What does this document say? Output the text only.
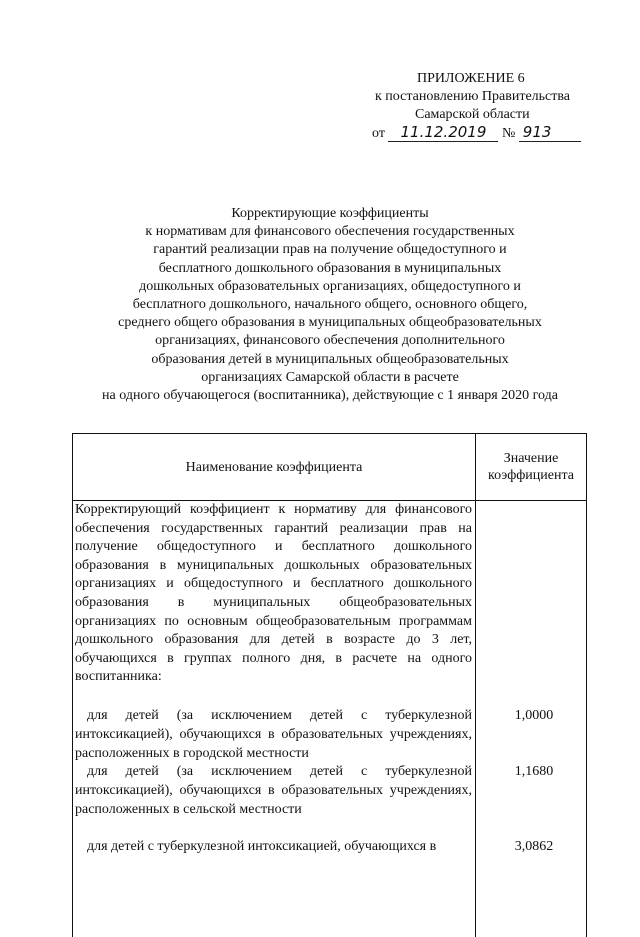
ПРИЛОЖЕНИЕ 6
к постановлению Правительства
Самарской области
от 11.12.2019 № 913
Корректирующие коэффициенты
к нормативам для финансового обеспечения государственных
гарантий реализации прав на получение общедоступного и
бесплатного дошкольного образования в муниципальных
дошкольных образовательных организациях, общедоступного и
бесплатного дошкольного, начального общего, основного общего,
среднего общего образования в муниципальных общеобразовательных
организациях, финансового обеспечения дополнительного
образования детей в муниципальных общеобразовательных
организациях Самарской области в расчете
на одного обучающегося (воспитанника), действующие с 1 января 2020 года
Наименование коэффициента	Значение
коэффициента

Корректирующий коэффициент к нормативу для финансового обеспечения государственных гарантий реализации прав на получение общедоступного и бесплатного дошкольного образования в муниципальных дошкольных образовательных организациях и общедоступного и бесплатного дошкольного образования в муниципальных общеобразовательных организациях по основным общеобразовательным программам дошкольного образования для детей в возрасте до 3 лет, обучающихся в группах полного дня, в расчете на одного воспитанника:	

для детей (за исключением детей с туберкулезной интоксикацией), обучающихся в образовательных учреждениях, расположенных в городской местности	1,0000

для детей (за исключением детей с туберкулезной интоксикацией), обучающихся в образовательных учреждениях, расположенных в сельской местности	1,1680

для детей с туберкулезной интоксикацией, обучающихся в	3,0862
